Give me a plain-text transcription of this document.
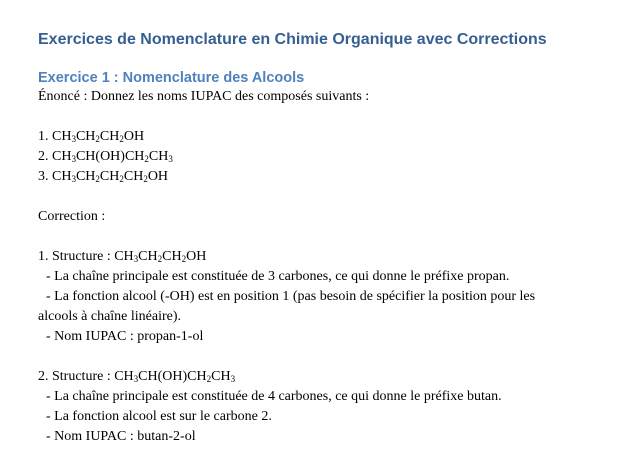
Exercices de Nomenclature en Chimie Organique avec Corrections
Exercice 1 : Nomenclature des Alcools
Énoncé : Donnez les noms IUPAC des composés suivants :
1. $CH_3CH_2CH_2OH$
2. $CH_3CH(OH)CH_2CH_3$
3. $CH_3CH_2CH_2CH_2OH$
Correction :
1. Structure : $CH_3CH_2CH_2OH$
- La chaîne principale est constituée de 3 carbones, ce qui donne le préfixe propan.
- La fonction alcool (-OH) est en position 1 (pas besoin de spécifier la position pour les
alcools à chaîne linéaire).
- Nom IUPAC : propan-1-ol
2. Structure : $CH_3CH(OH)CH_2CH_3$
- La chaîne principale est constituée de 4 carbones, ce qui donne le préfixe butan.
- La fonction alcool est sur le carbone 2.
- Nom IUPAC : butan-2-ol
